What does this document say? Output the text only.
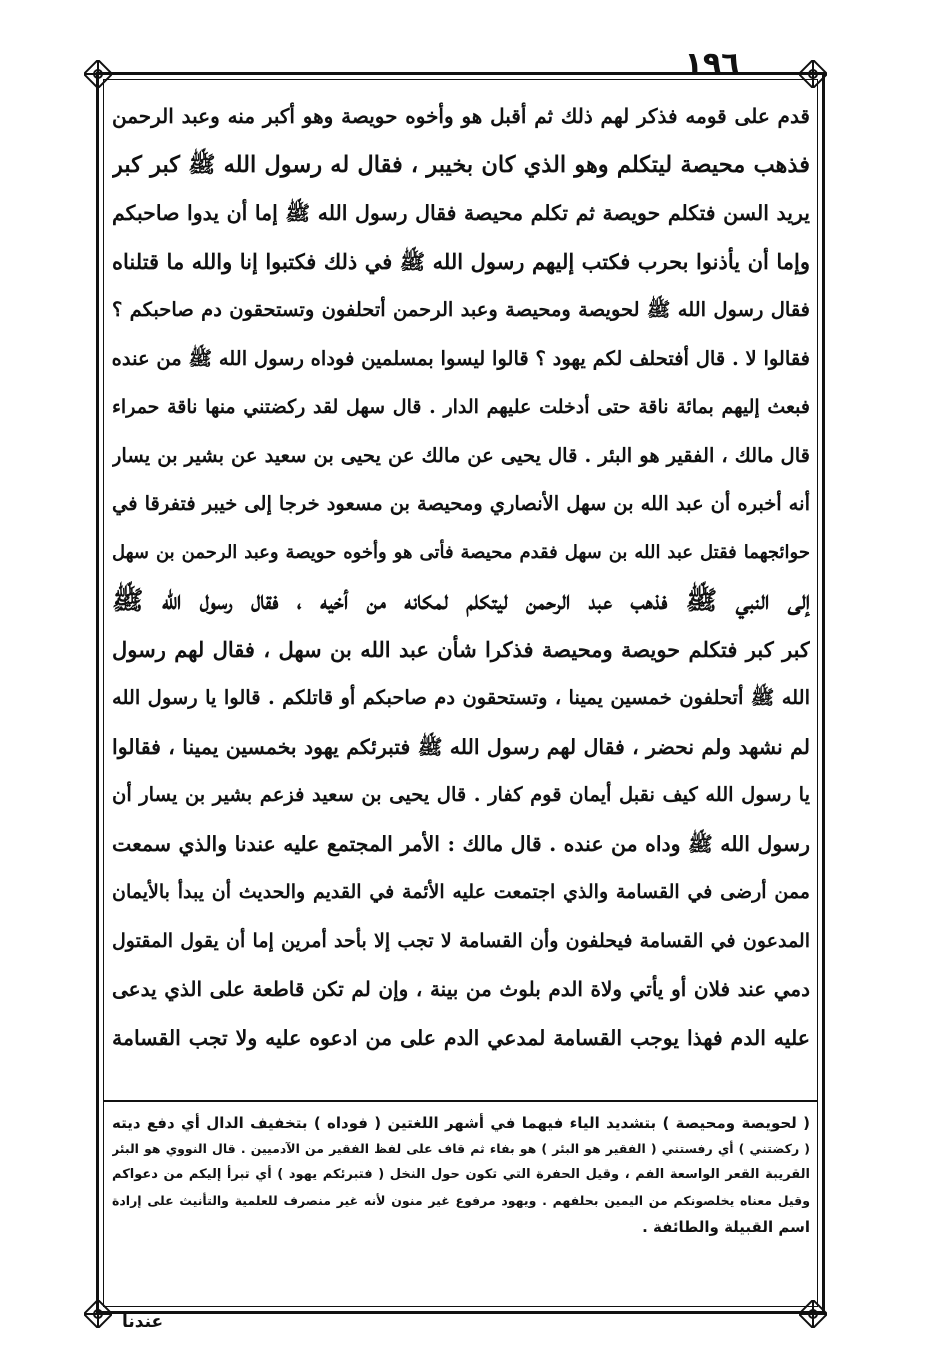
١٩٦
قدم على قومه فذكر لهم ذلك ثم أقبل هو وأخوه حويصة وهو أكبر منه وعبد الرحمن
فذهب محيصة ليتكلم وهو الذي كان بخيبر ، فقال له رسول الله ﷺ كبر كبر
يريد السن فتكلم حويصة ثم تكلم محيصة فقال رسول الله ﷺ إما أن يدوا صاحبكم
وإما أن يأذنوا بحرب فكتب إليهم رسول الله ﷺ في ذلك فكتبوا إنا والله ما قتلناه
فقال رسول الله ﷺ لحويصة ومحيصة وعبد الرحمن أتحلفون وتستحقون دم صاحبكم ؟
فقالوا لا . قال أفتحلف لكم يهود ؟ قالوا ليسوا بمسلمين فوداه رسول الله ﷺ من عنده
فبعث إليهم بمائة ناقة حتى أدخلت عليهم الدار . قال سهل لقد ركضتني منها ناقة حمراء
قال مالك ، الفقير هو البئر . قال يحيى عن مالك عن يحيى بن سعيد عن بشير بن يسار
أنه أخبره أن عبد الله بن سهل الأنصاري ومحيصة بن مسعود خرجا إلى خيبر فتفرقا في
حوائجهما فقتل عبد الله بن سهل فقدم محيصة فأتى هو وأخوه حويصة وعبد الرحمن بن سهل
إلى النبي ﷺ فذهب عبد الرحمن ليتكلم لمكانه من أخيه ، فقال رسول الله ﷺ
كبر كبر فتكلم حويصة ومحيصة فذكرا شأن عبد الله بن سهل ، فقال لهم رسول
الله ﷺ أتحلفون خمسين يمينا ، وتستحقون دم صاحبكم أو قاتلكم . قالوا يا رسول الله
لم نشهد ولم نحضر ، فقال لهم رسول الله ﷺ فتبرئكم يهود بخمسين يمينا ، فقالوا
يا رسول الله كيف نقبل أيمان قوم كفار . قال يحيى بن سعيد فزعم بشير بن يسار أن
رسول الله ﷺ وداه من عنده . قال مالك : الأمر المجتمع عليه عندنا والذي سمعت
ممن أرضى في القسامة والذي اجتمعت عليه الأئمة في القديم والحديث أن يبدأ بالأيمان
المدعون في القسامة فيحلفون وأن القسامة لا تجب إلا بأحد أمرين إما أن يقول المقتول
دمي عند فلان أو يأتي ولاة الدم بلوث من بينة ، وإن لم تكن قاطعة على الذي يدعى
عليه الدم فهذا يوجب القسامة لمدعي الدم على من ادعوه عليه ولا تجب القسامة
( لحويصة ومحيصة ) بتشديد الياء فيهما في أشهر اللغتين ( فوداه ) بتخفيف الدال أي دفع ديته
( ركضتني ) أي رفستني ( الفقير هو البئر ) هو بفاء ثم قاف على لفظ الفقير من الآدميين . قال النووي هو البئر
القريبة القعر الواسعة الفم ، وقيل الحفرة التي تكون حول النخل ( فتبرئكم يهود ) أي تبرأ إليكم من دعواكم
وقيل معناه يخلصونكم من اليمين بحلفهم . ويهود مرفوع غير منون لأنه غير منصرف للعلمية والتأنيث على إرادة
اسم القبيلة والطائفة .
عندنا
